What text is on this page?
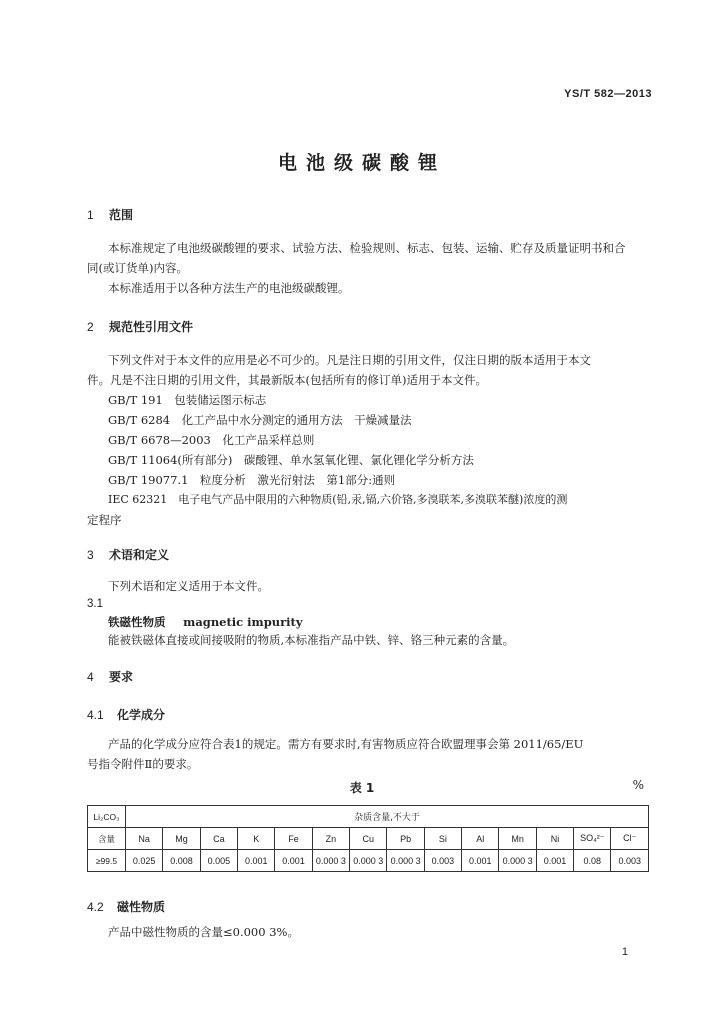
YS/T 582—2013
电池级碳酸锂
1 范围
本标准规定了电池级碳酸锂的要求、试验方法、检验规则、标志、包装、运输、贮存及质量证明书和合
同(或订货单)内容。
本标准适用于以各种方法生产的电池级碳酸锂。
2 规范性引用文件
下列文件对于本文件的应用是必不可少的。凡是注日期的引用文件，仅注日期的版本适用于本文
件。凡是不注日期的引用文件，其最新版本(包括所有的修订单)适用于本文件。
GB/T 191　包装储运图示标志
GB/T 6284　化工产品中水分测定的通用方法　干燥减量法
GB/T 6678—2003　化工产品采样总则
GB/T 11064(所有部分)　碳酸锂、单水氢氧化锂、氯化锂化学分析方法
GB/T 19077.1　粒度分析　激光衍射法　第1部分:通则
IEC 62321　电子电气产品中限用的六种物质(铅,汞,镉,六价铬,多溴联苯,多溴联苯醚)浓度的测
定程序
3 术语和定义
下列术语和定义适用于本文件。
3.1
铁磁性物质 magnetic impurity
能被铁磁体直接或间接吸附的物质,本标准指产品中铁、锌、铬三种元素的含量。
4 要求
4.1 化学成分
产品的化学成分应符合表1的规定。需方有要求时,有害物质应符合欧盟理事会第 2011/65/EU
号指令附件Ⅱ的要求。
表 1	%
Li₂CO₃	杂质含量,不大于													
含量	Na	Mg	Ca	K	Fe	Zn	Cu	Pb	Si	Al	Mn	Ni	SO₄²⁻	Cl⁻
≥99.5	0.025	0.008	0.005	0.001	0.001	0.000 3	0.000 3	0.000 3	0.003	0.001	0.000 3	0.001	0.08	0.003
4.2 磁性物质
产品中磁性物质的含量≤0.000 3%。
1
